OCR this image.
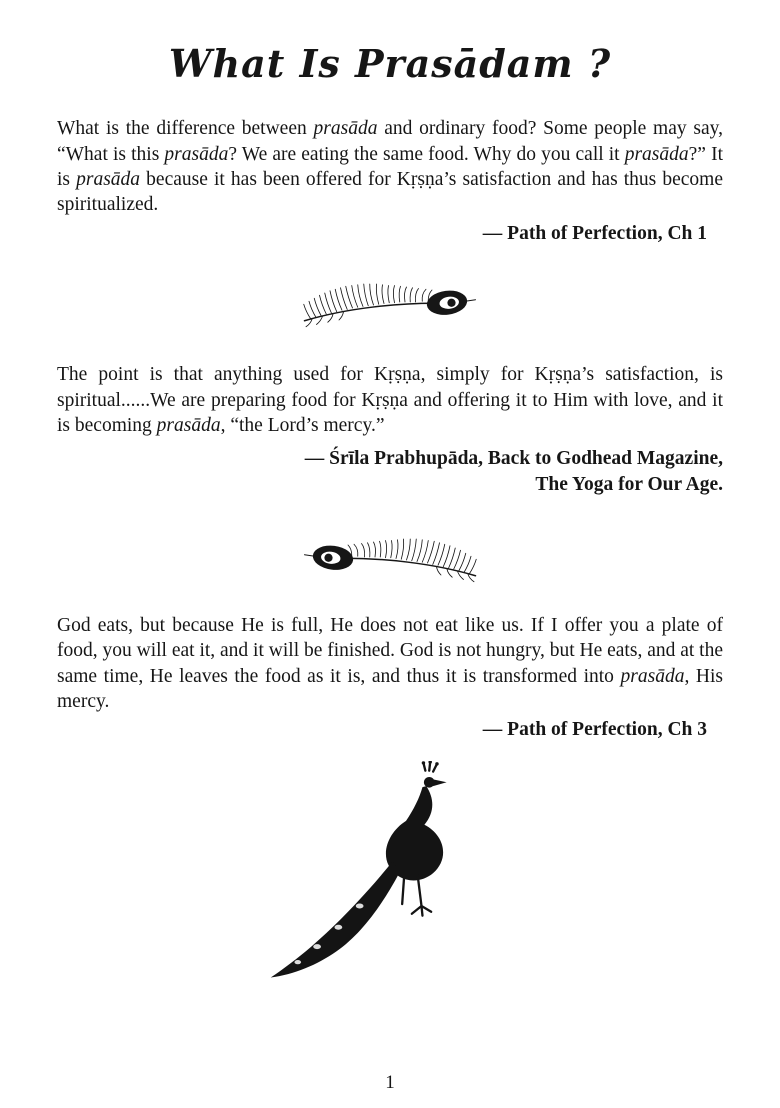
What Is Prasādam ?

What is the difference between prasāda and ordinary food? Some people may say, “What is this prasāda? We are eating the same food. Why do you call it prasāda?” It is prasāda because it has been offered for Kṛṣṇa’s satisfaction and has thus become spiritualized.

— Path of Perfection, Ch 1

The point is that anything used for Kṛṣṇa, simply for Kṛṣṇa’s satisfaction, is spiritual......We are preparing food for Kṛṣṇa and offering it to Him with love, and it is becoming prasāda, “the Lord’s mercy.”

— Śrīla Prabhupāda, Back to Godhead Magazine,
The Yoga for Our Age.

God eats, but because He is full, He does not eat like us. If I offer you a plate of food, you will eat it, and it will be finished. God is not hungry, but He eats, and at the same time, He leaves the food as it is, and thus it is transformed into prasāda, His mercy.

— Path of Perfection, Ch 3
1
